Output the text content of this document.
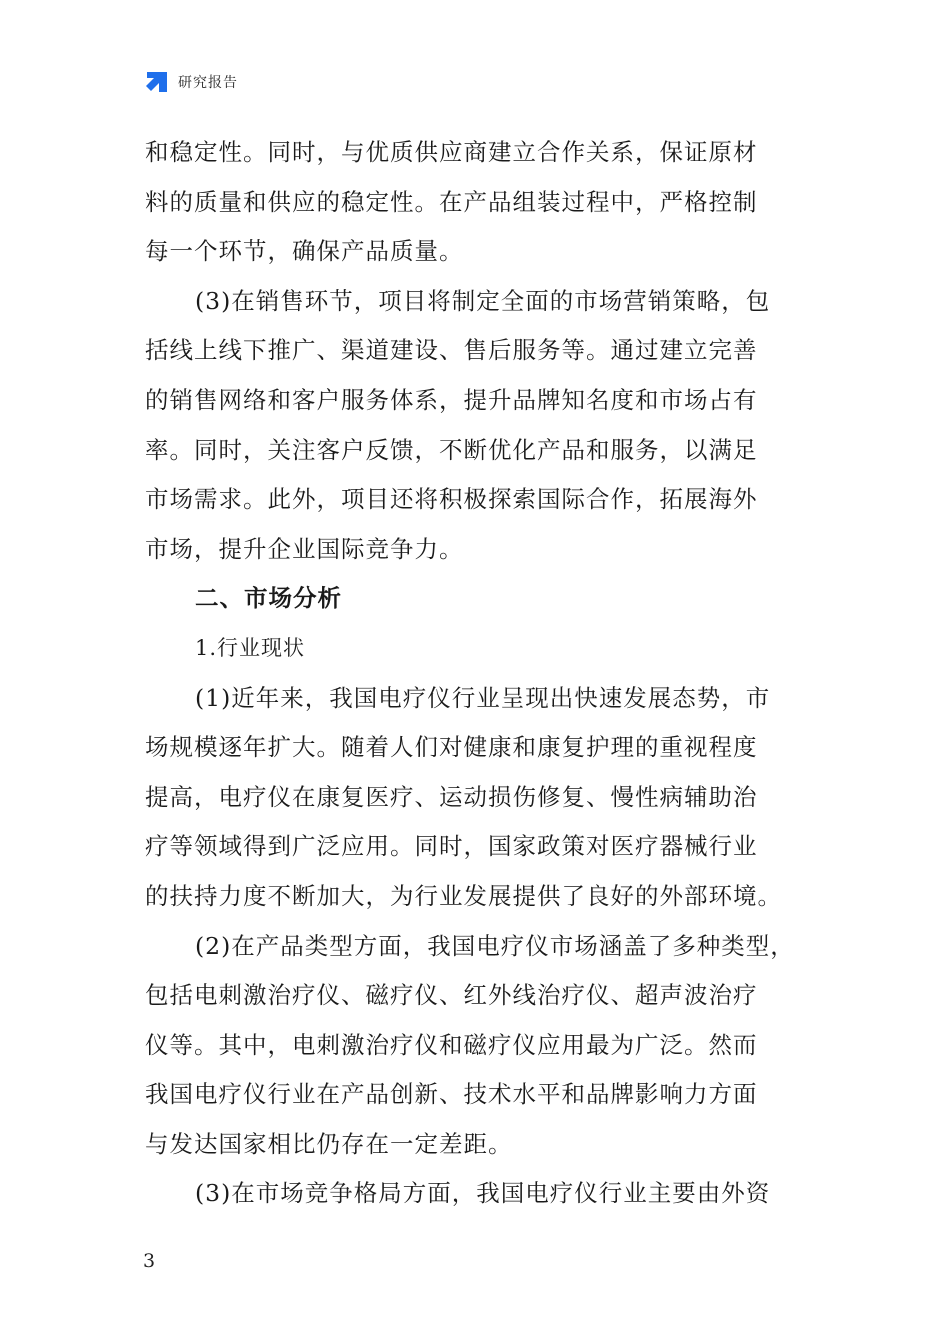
研究报告
和稳定性。同时，与优质供应商建立合作关系，保证原材
料的质量和供应的稳定性。在产品组装过程中，严格控制
每一个环节，确保产品质量。
(3)在销售环节，项目将制定全面的市场营销策略，包
括线上线下推广、渠道建设、售后服务等。通过建立完善
的销售网络和客户服务体系，提升品牌知名度和市场占有
率。同时，关注客户反馈，不断优化产品和服务，以满足
市场需求。此外，项目还将积极探索国际合作，拓展海外
市场，提升企业国际竞争力。
二、市场分析
1.行业现状
(1)近年来，我国电疗仪行业呈现出快速发展态势，市
场规模逐年扩大。随着人们对健康和康复护理的重视程度
提高，电疗仪在康复医疗、运动损伤修复、慢性病辅助治
疗等领域得到广泛应用。同时，国家政策对医疗器械行业
的扶持力度不断加大，为行业发展提供了良好的外部环境。
(2)在产品类型方面，我国电疗仪市场涵盖了多种类型，
包括电刺激治疗仪、磁疗仪、红外线治疗仪、超声波治疗
仪等。其中，电刺激治疗仪和磁疗仪应用最为广泛。然而
我国电疗仪行业在产品创新、技术水平和品牌影响力方面
与发达国家相比仍存在一定差距。
(3)在市场竞争格局方面，我国电疗仪行业主要由外资
3
